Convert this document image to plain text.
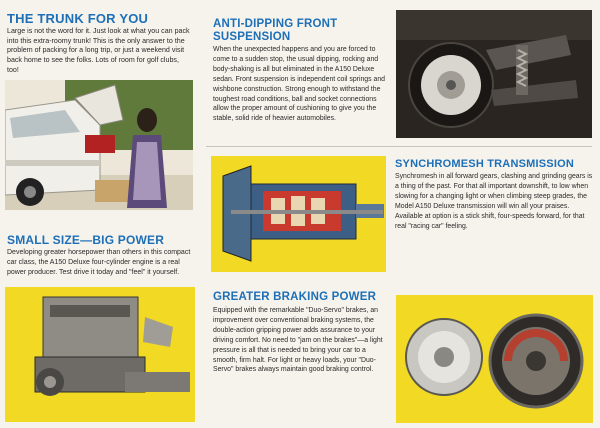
THE TRUNK FOR YOU
Large is not the word for it. Just look at what you can pack into this extra-roomy trunk! This is the only answer to the problem of packing for a long trip, or just a weekend visit back home to see the folks. Lots of room for golf clubs, too!
ANTI-DIPPING FRONT
SUSPENSION
When the unexpected happens and you are forced to come to a sudden stop, the usual dipping, rocking and body-shaking is all but eliminated in the A150 Deluxe sedan. Front suspension is independent coil springs and wishbone construction. Strong enough to withstand the toughest road conditions, ball and socket connections allow the proper amount of cushioning to give you the stable, solid ride of heavier automobiles.
SYNCHROMESH TRANSMISSION
Synchromesh in all forward gears, clashing and grinding gears is a thing of the past. For that all important downshift, to low when slowing for a changing light or when climbing steep grades, the Model A150 Deluxe transmission will win all your praises. Available at option is a stick shift, four-speeds forward, for that real "racing car" feeling.
SMALL SIZE—BIG POWER
Developing greater horsepower than others in this compact car class, the A150 Deluxe four-cylinder engine is a real power producer. Test drive it today and "feel" it yourself.
GREATER BRAKING POWER
Equipped with the remarkable "Duo-Servo" brakes, an improvement over conventional braking systems, the double-action gripping power adds assurance to your driving comfort. No need to "jam on the brakes"—a light pressure is all that is needed to bring your car to a smooth, firm halt. For light or heavy loads, your "Duo-Servo" brakes always maintain good braking control.
